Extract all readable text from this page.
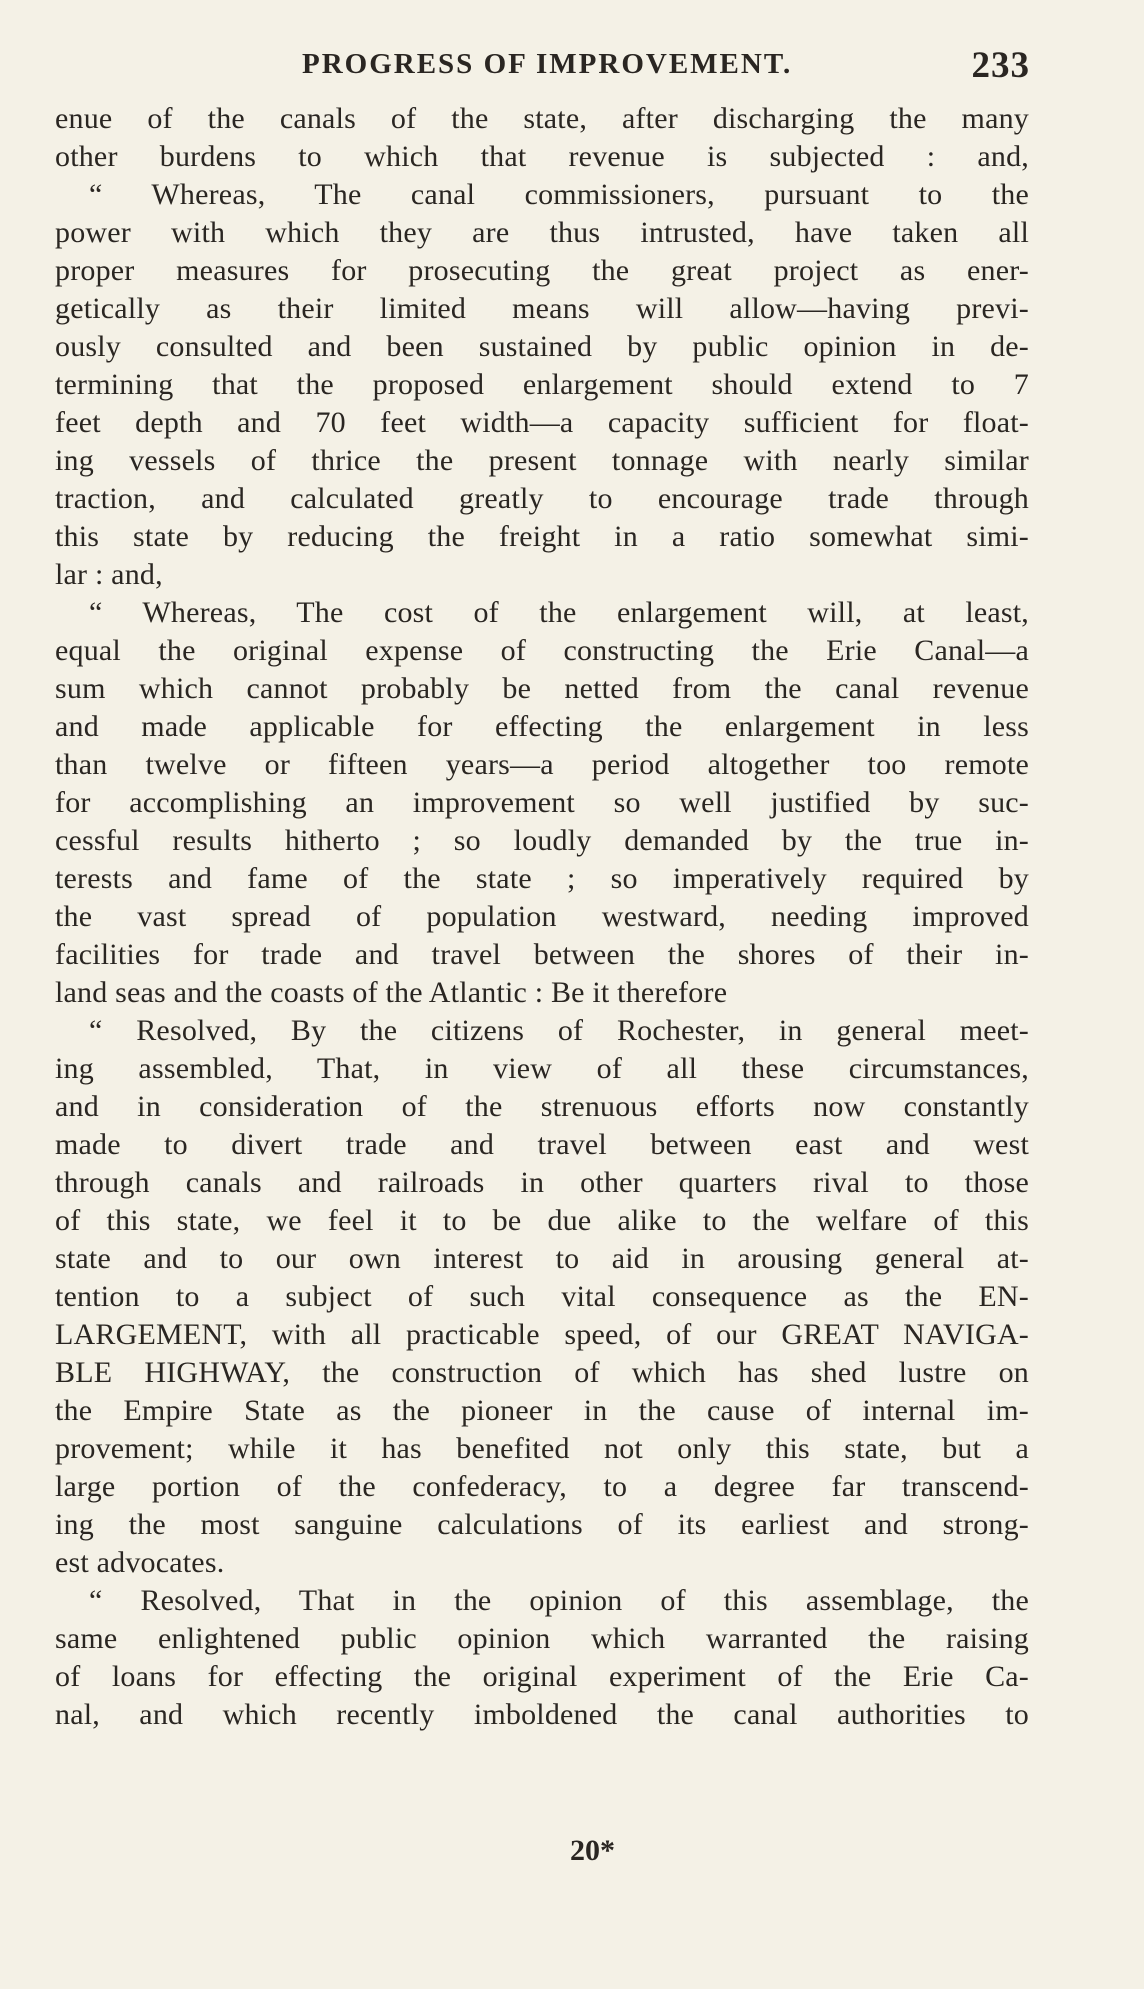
PROGRESS OF IMPROVEMENT.	233
enue of the canals of the state, after discharging the many
other burdens to which that revenue is subjected : and,
“ Whereas, The canal commissioners, pursuant to the
power with which they are thus intrusted, have taken all
proper measures for prosecuting the great project as ener-
getically as their limited means will allow—having previ-
ously consulted and been sustained by public opinion in de-
termining that the proposed enlargement should extend to 7
feet depth and 70 feet width—a capacity sufficient for float-
ing vessels of thrice the present tonnage with nearly similar
traction, and calculated greatly to encourage trade through
this state by reducing the freight in a ratio somewhat simi-
lar : and,
“ Whereas, The cost of the enlargement will, at least,
equal the original expense of constructing the Erie Canal—a
sum which cannot probably be netted from the canal revenue
and made applicable for effecting the enlargement in less
than twelve or fifteen years—a period altogether too remote
for accomplishing an improvement so well justified by suc-
cessful results hitherto ; so loudly demanded by the true in-
terests and fame of the state ; so imperatively required by
the vast spread of population westward, needing improved
facilities for trade and travel between the shores of their in-
land seas and the coasts of the Atlantic : Be it therefore
“ Resolved, By the citizens of Rochester, in general meet-
ing assembled, That, in view of all these circumstances,
and in consideration of the strenuous efforts now constantly
made to divert trade and travel between east and west
through canals and railroads in other quarters rival to those
of this state, we feel it to be due alike to the welfare of this
state and to our own interest to aid in arousing general at-
tention to a subject of such vital consequence as the EN-
LARGEMENT, with all practicable speed, of our GREAT NAVIGA-
BLE HIGHWAY, the construction of which has shed lustre on
the Empire State as the pioneer in the cause of internal im-
provement; while it has benefited not only this state, but a
large portion of the confederacy, to a degree far transcend-
ing the most sanguine calculations of its earliest and strong-
est advocates.
“ Resolved, That in the opinion of this assemblage, the
same enlightened public opinion which warranted the raising
of loans for effecting the original experiment of the Erie Ca-
nal, and which recently imboldened the canal authorities to
20*
